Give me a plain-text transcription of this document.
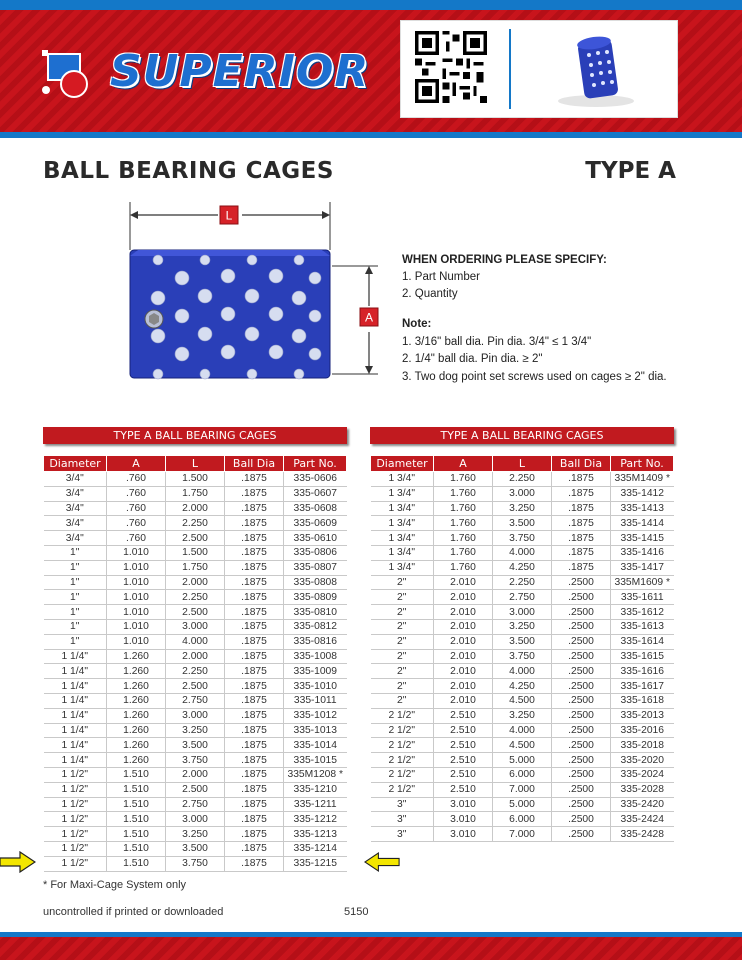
SUPERIOR
BALL BEARING CAGES	TYPE A
L
A
WHEN ORDERING PLEASE SPECIFY:
1. Part Number
2. Quantity
Note:
1. 3/16" ball dia. Pin dia. 3/4" ≤ 1 3/4"
2. 1/4" ball dia. Pin dia. ≥ 2"
3. Two dog point set screws used on cages ≥ 2" dia.
TYPE A BALL BEARING CAGES
Diameter	A	L	Ball Dia	Part No.
3/4"	.760	1.500	.1875	335-0606
3/4"	.760	1.750	.1875	335-0607
3/4"	.760	2.000	.1875	335-0608
3/4"	.760	2.250	.1875	335-0609
3/4"	.760	2.500	.1875	335-0610
1"	1.010	1.500	.1875	335-0806
1"	1.010	1.750	.1875	335-0807
1"	1.010	2.000	.1875	335-0808
1"	1.010	2.250	.1875	335-0809
1"	1.010	2.500	.1875	335-0810
1"	1.010	3.000	.1875	335-0812
1"	1.010	4.000	.1875	335-0816
1 1/4"	1.260	2.000	.1875	335-1008
1 1/4"	1.260	2.250	.1875	335-1009
1 1/4"	1.260	2.500	.1875	335-1010
1 1/4"	1.260	2.750	.1875	335-1011
1 1/4"	1.260	3.000	.1875	335-1012
1 1/4"	1.260	3.250	.1875	335-1013
1 1/4"	1.260	3.500	.1875	335-1014
1 1/4"	1.260	3.750	.1875	335-1015
1 1/2"	1.510	2.000	.1875	335M1208 *
1 1/2"	1.510	2.500	.1875	335-1210
1 1/2"	1.510	2.750	.1875	335-1211
1 1/2"	1.510	3.000	.1875	335-1212
1 1/2"	1.510	3.250	.1875	335-1213
1 1/2"	1.510	3.500	.1875	335-1214
1 1/2"	1.510	3.750	.1875	335-1215
TYPE A BALL BEARING CAGES
Diameter	A	L	Ball Dia	Part No.
1 3/4"	1.760	2.250	.1875	335M1409 *
1 3/4"	1.760	3.000	.1875	335-1412
1 3/4"	1.760	3.250	.1875	335-1413
1 3/4"	1.760	3.500	.1875	335-1414
1 3/4"	1.760	3.750	.1875	335-1415
1 3/4"	1.760	4.000	.1875	335-1416
1 3/4"	1.760	4.250	.1875	335-1417
2"	2.010	2.250	.2500	335M1609 *
2"	2.010	2.750	.2500	335-1611
2"	2.010	3.000	.2500	335-1612
2"	2.010	3.250	.2500	335-1613
2"	2.010	3.500	.2500	335-1614
2"	2.010	3.750	.2500	335-1615
2"	2.010	4.000	.2500	335-1616
2"	2.010	4.250	.2500	335-1617
2"	2.010	4.500	.2500	335-1618
2 1/2"	2.510	3.250	.2500	335-2013
2 1/2"	2.510	4.000	.2500	335-2016
2 1/2"	2.510	4.500	.2500	335-2018
2 1/2"	2.510	5.000	.2500	335-2020
2 1/2"	2.510	6.000	.2500	335-2024
2 1/2"	2.510	7.000	.2500	335-2028
3"	3.010	5.000	.2500	335-2420
3"	3.010	6.000	.2500	335-2424
3"	3.010	7.000	.2500	335-2428
* For Maxi-Cage System only
uncontrolled if printed or downloaded	5150
